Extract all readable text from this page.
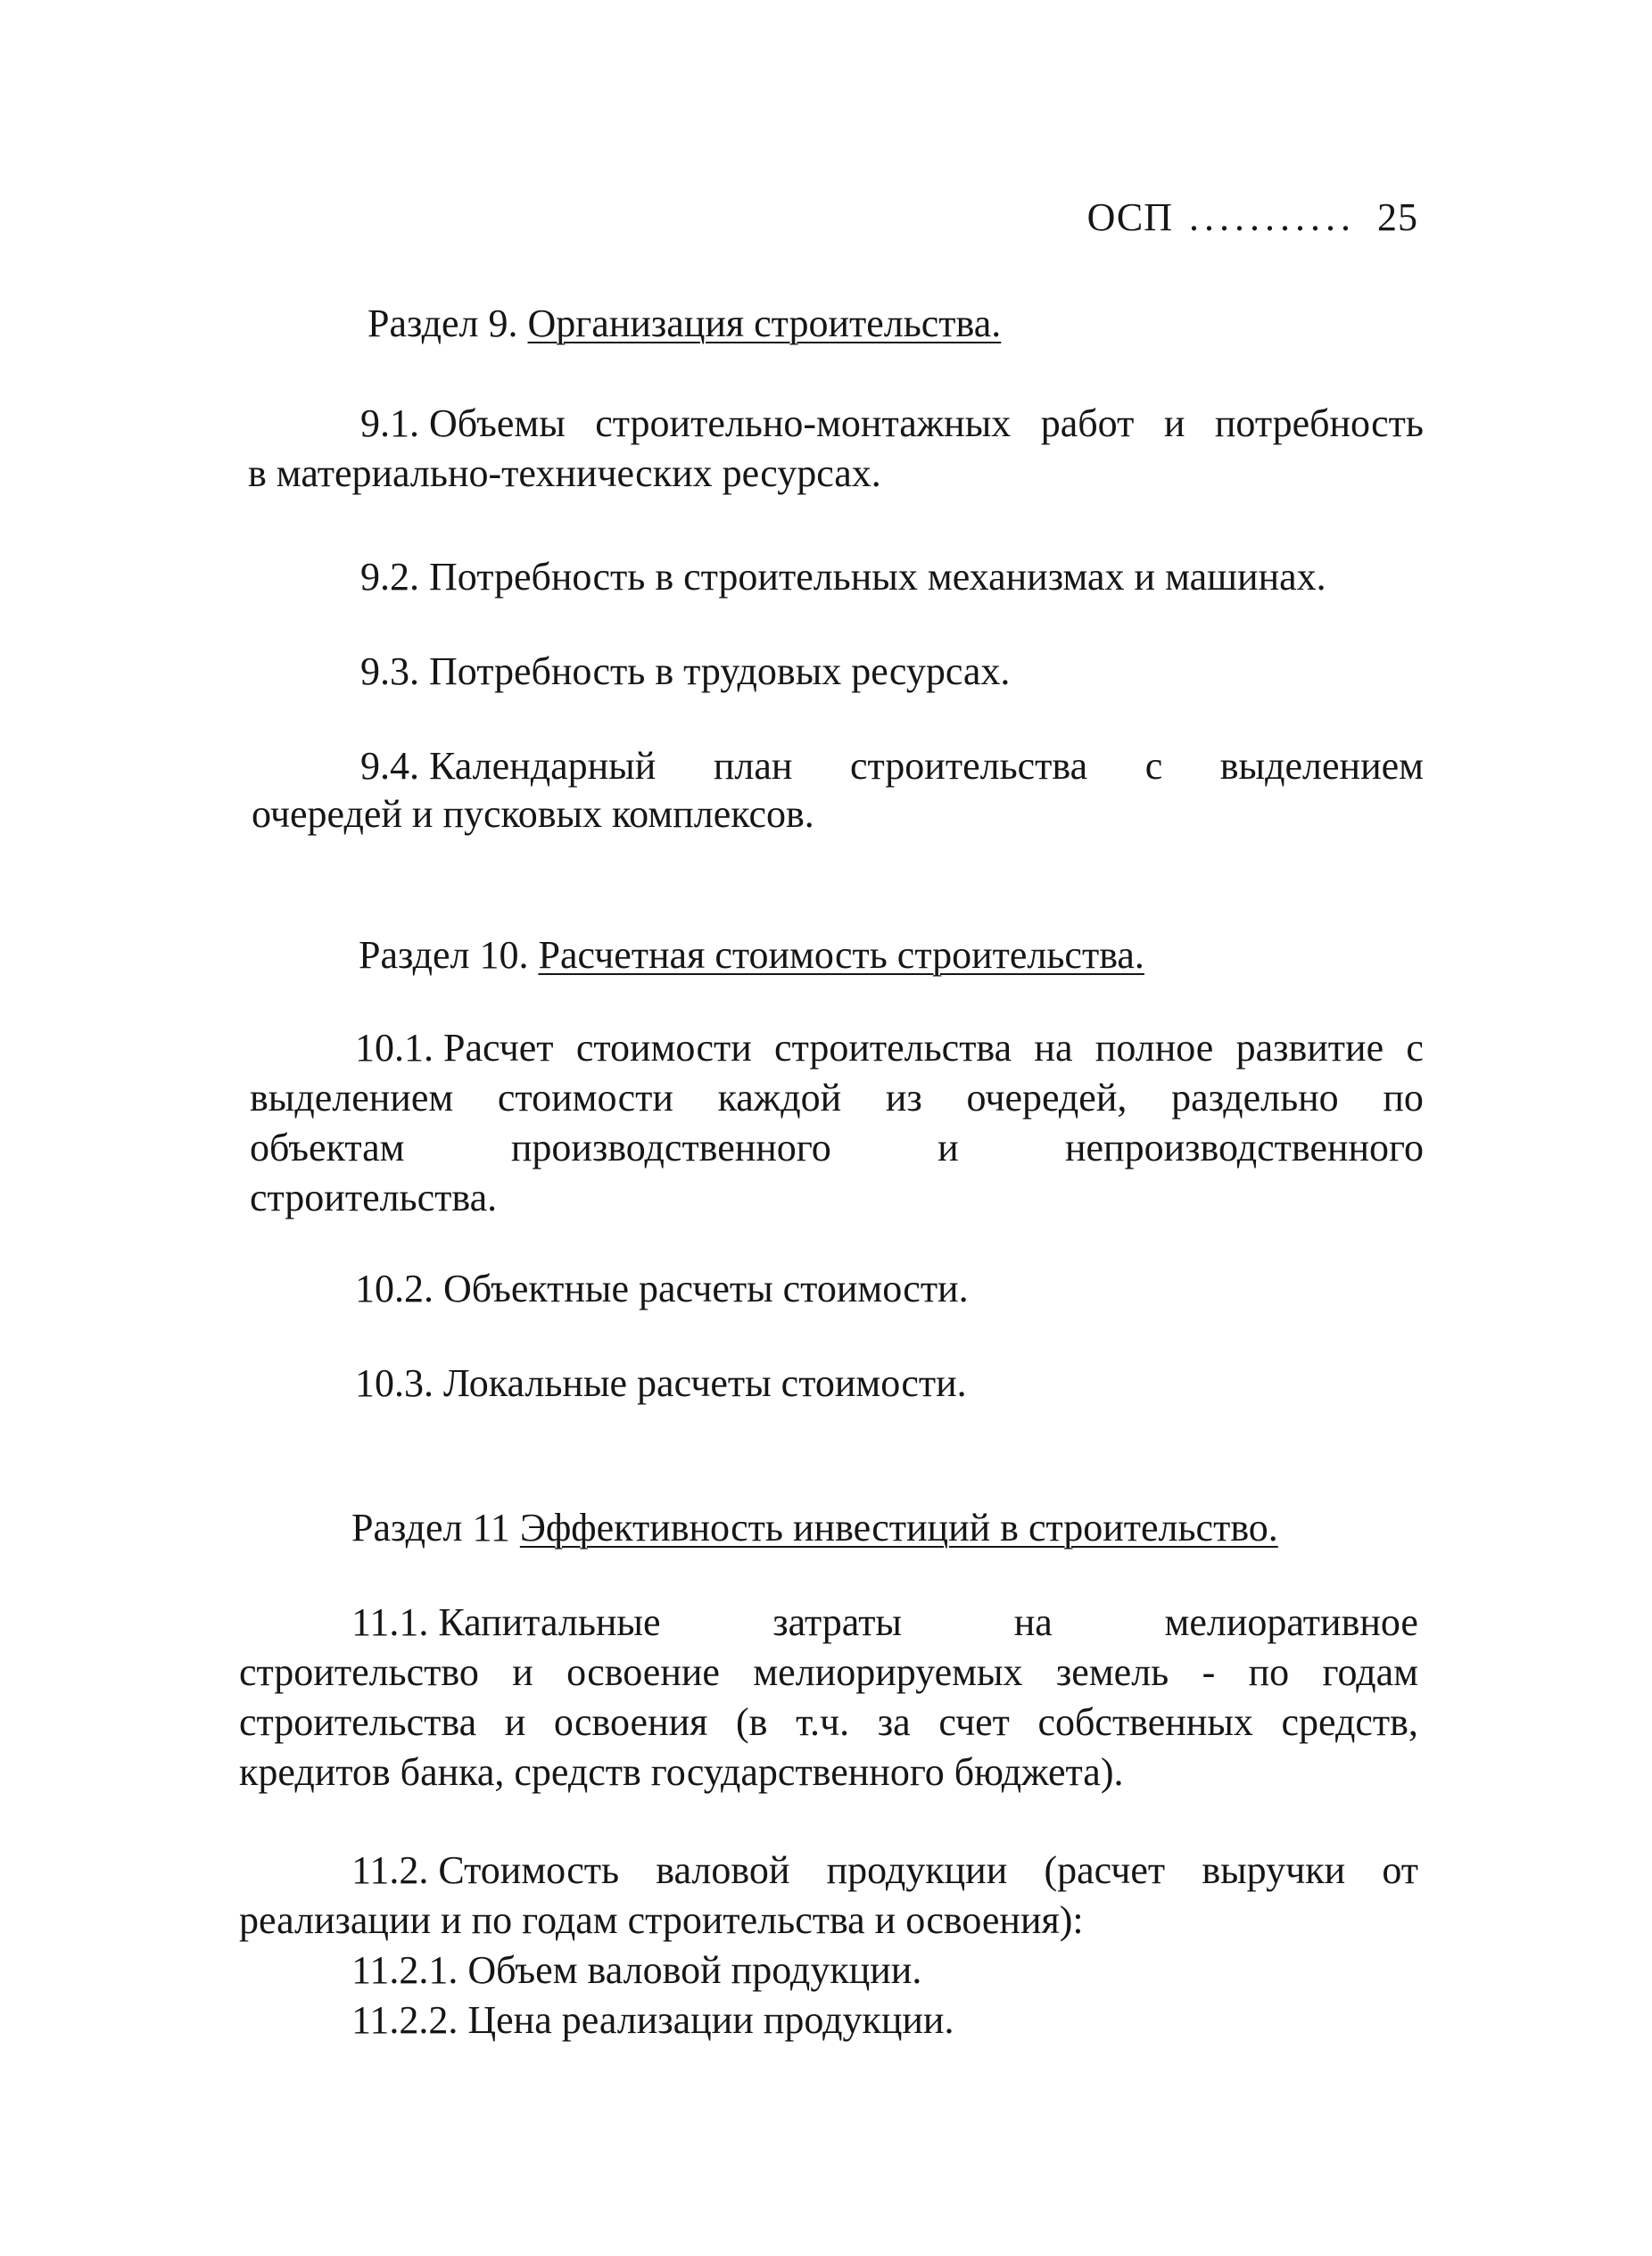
ОСП ........... 25
Раздел 9. Организация строительства.
9.1. Объемы строительно-монтажных работ и потребность
в материально-технических ресурсах.
9.2. Потребность в строительных механизмах и машинах.
9.3. Потребность в трудовых ресурсах.
9.4. Календарный план строительства с выделением
очередей и пусковых комплексов.
Раздел 10. Расчетная стоимость строительства.
10.1. Расчет стоимости строительства на полное развитие с
выделением стоимости каждой из очередей, раздельно по
объектам	производственного	и	непроизводственного
строительства.
10.2. Объектные расчеты стоимости.
10.3. Локальные расчеты стоимости.
Раздел 11 Эффективность инвестиций в строительство.
11.1. Капитальные	затраты	на	мелиоративное
строительство и освоение мелиорируемых земель - по годам
строительства и освоения (в т.ч. за счет собственных средств,
кредитов банка, средств государственного бюджета).
11.2. Стоимость валовой продукции (расчет выручки от
реализации и по годам строительства и освоения):
11.2.1. Объем валовой продукции.
11.2.2. Цена реализации продукции.
